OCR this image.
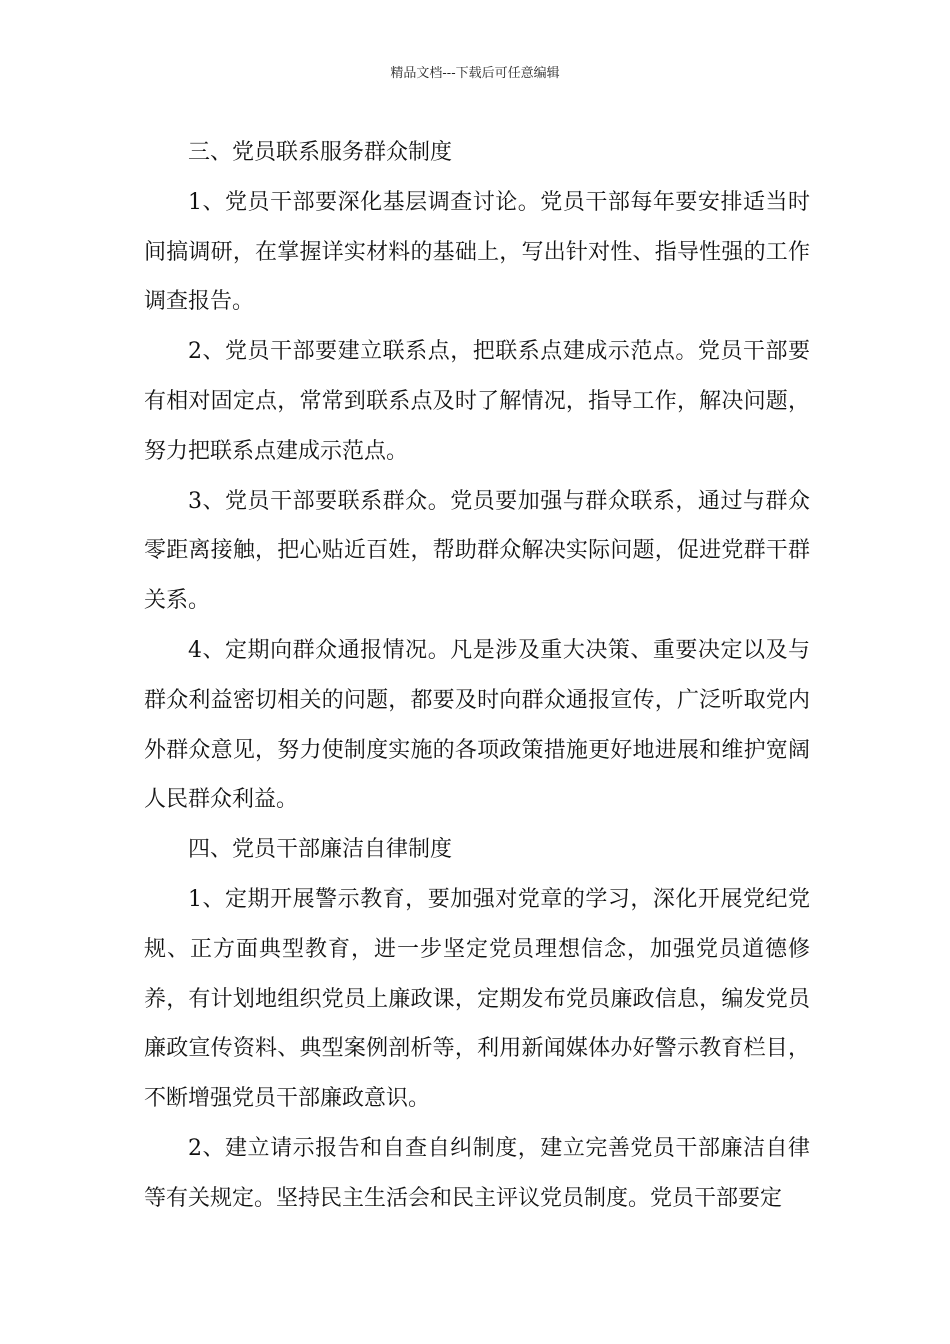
精品文档---下载后可任意编辑

三、党员联系服务群众制度

1、党员干部要深化基层调查讨论。党员干部每年要安排适当时间搞调研，在掌握详实材料的基础上，写出针对性、指导性强的工作调查报告。

2、党员干部要建立联系点，把联系点建成示范点。党员干部要有相对固定点，常常到联系点及时了解情况，指导工作，解决问题，努力把联系点建成示范点。

3、党员干部要联系群众。党员要加强与群众联系，通过与群众零距离接触，把心贴近百姓，帮助群众解决实际问题，促进党群干群关系。

4、定期向群众通报情况。凡是涉及重大决策、重要决定以及与群众利益密切相关的问题，都要及时向群众通报宣传，广泛听取党内外群众意见，努力使制度实施的各项政策措施更好地进展和维护宽阔人民群众利益。

四、党员干部廉洁自律制度

1、定期开展警示教育，要加强对党章的学习，深化开展党纪党规、正方面典型教育，进一步坚定党员理想信念，加强党员道德修养，有计划地组织党员上廉政课，定期发布党员廉政信息，编发党员廉政宣传资料、典型案例剖析等，利用新闻媒体办好警示教育栏目，不断增强党员干部廉政意识。

2、建立请示报告和自查自纠制度，建立完善党员干部廉洁自律等有关规定。坚持民主生活会和民主评议党员制度。党员干部要定
